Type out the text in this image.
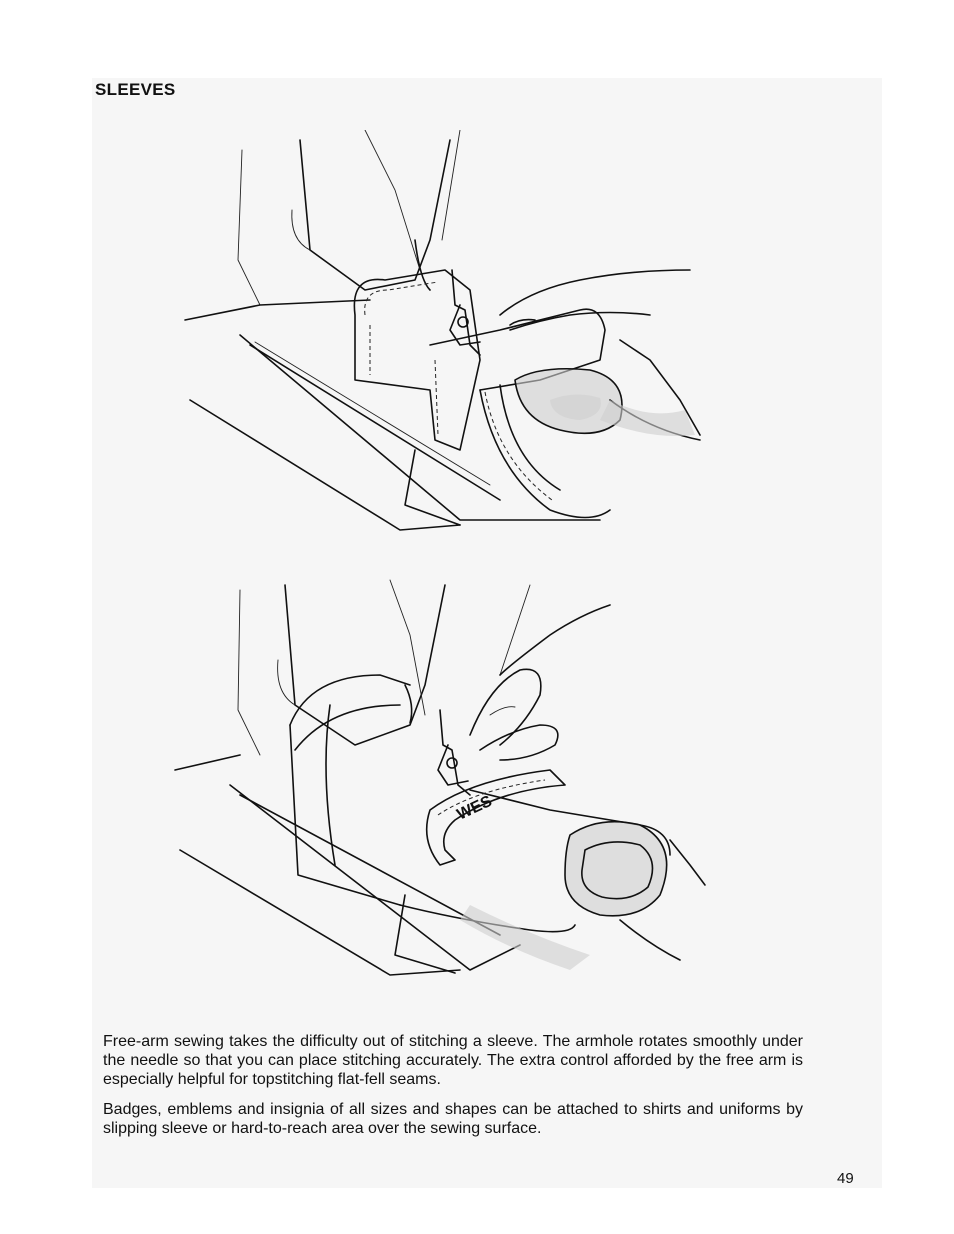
SLEEVES
WES

Free-arm sewing takes the difficulty out of stitching a sleeve. The armhole rotates smoothly under the needle so that you can place stitching accurately. The extra control afforded by the free arm is especially helpful for topstitching flat-fell seams.

Badges, emblems and insignia of all sizes and shapes can be attached to shirts and uniforms by slipping sleeve or hard-to-reach area over the sewing surface.

49
